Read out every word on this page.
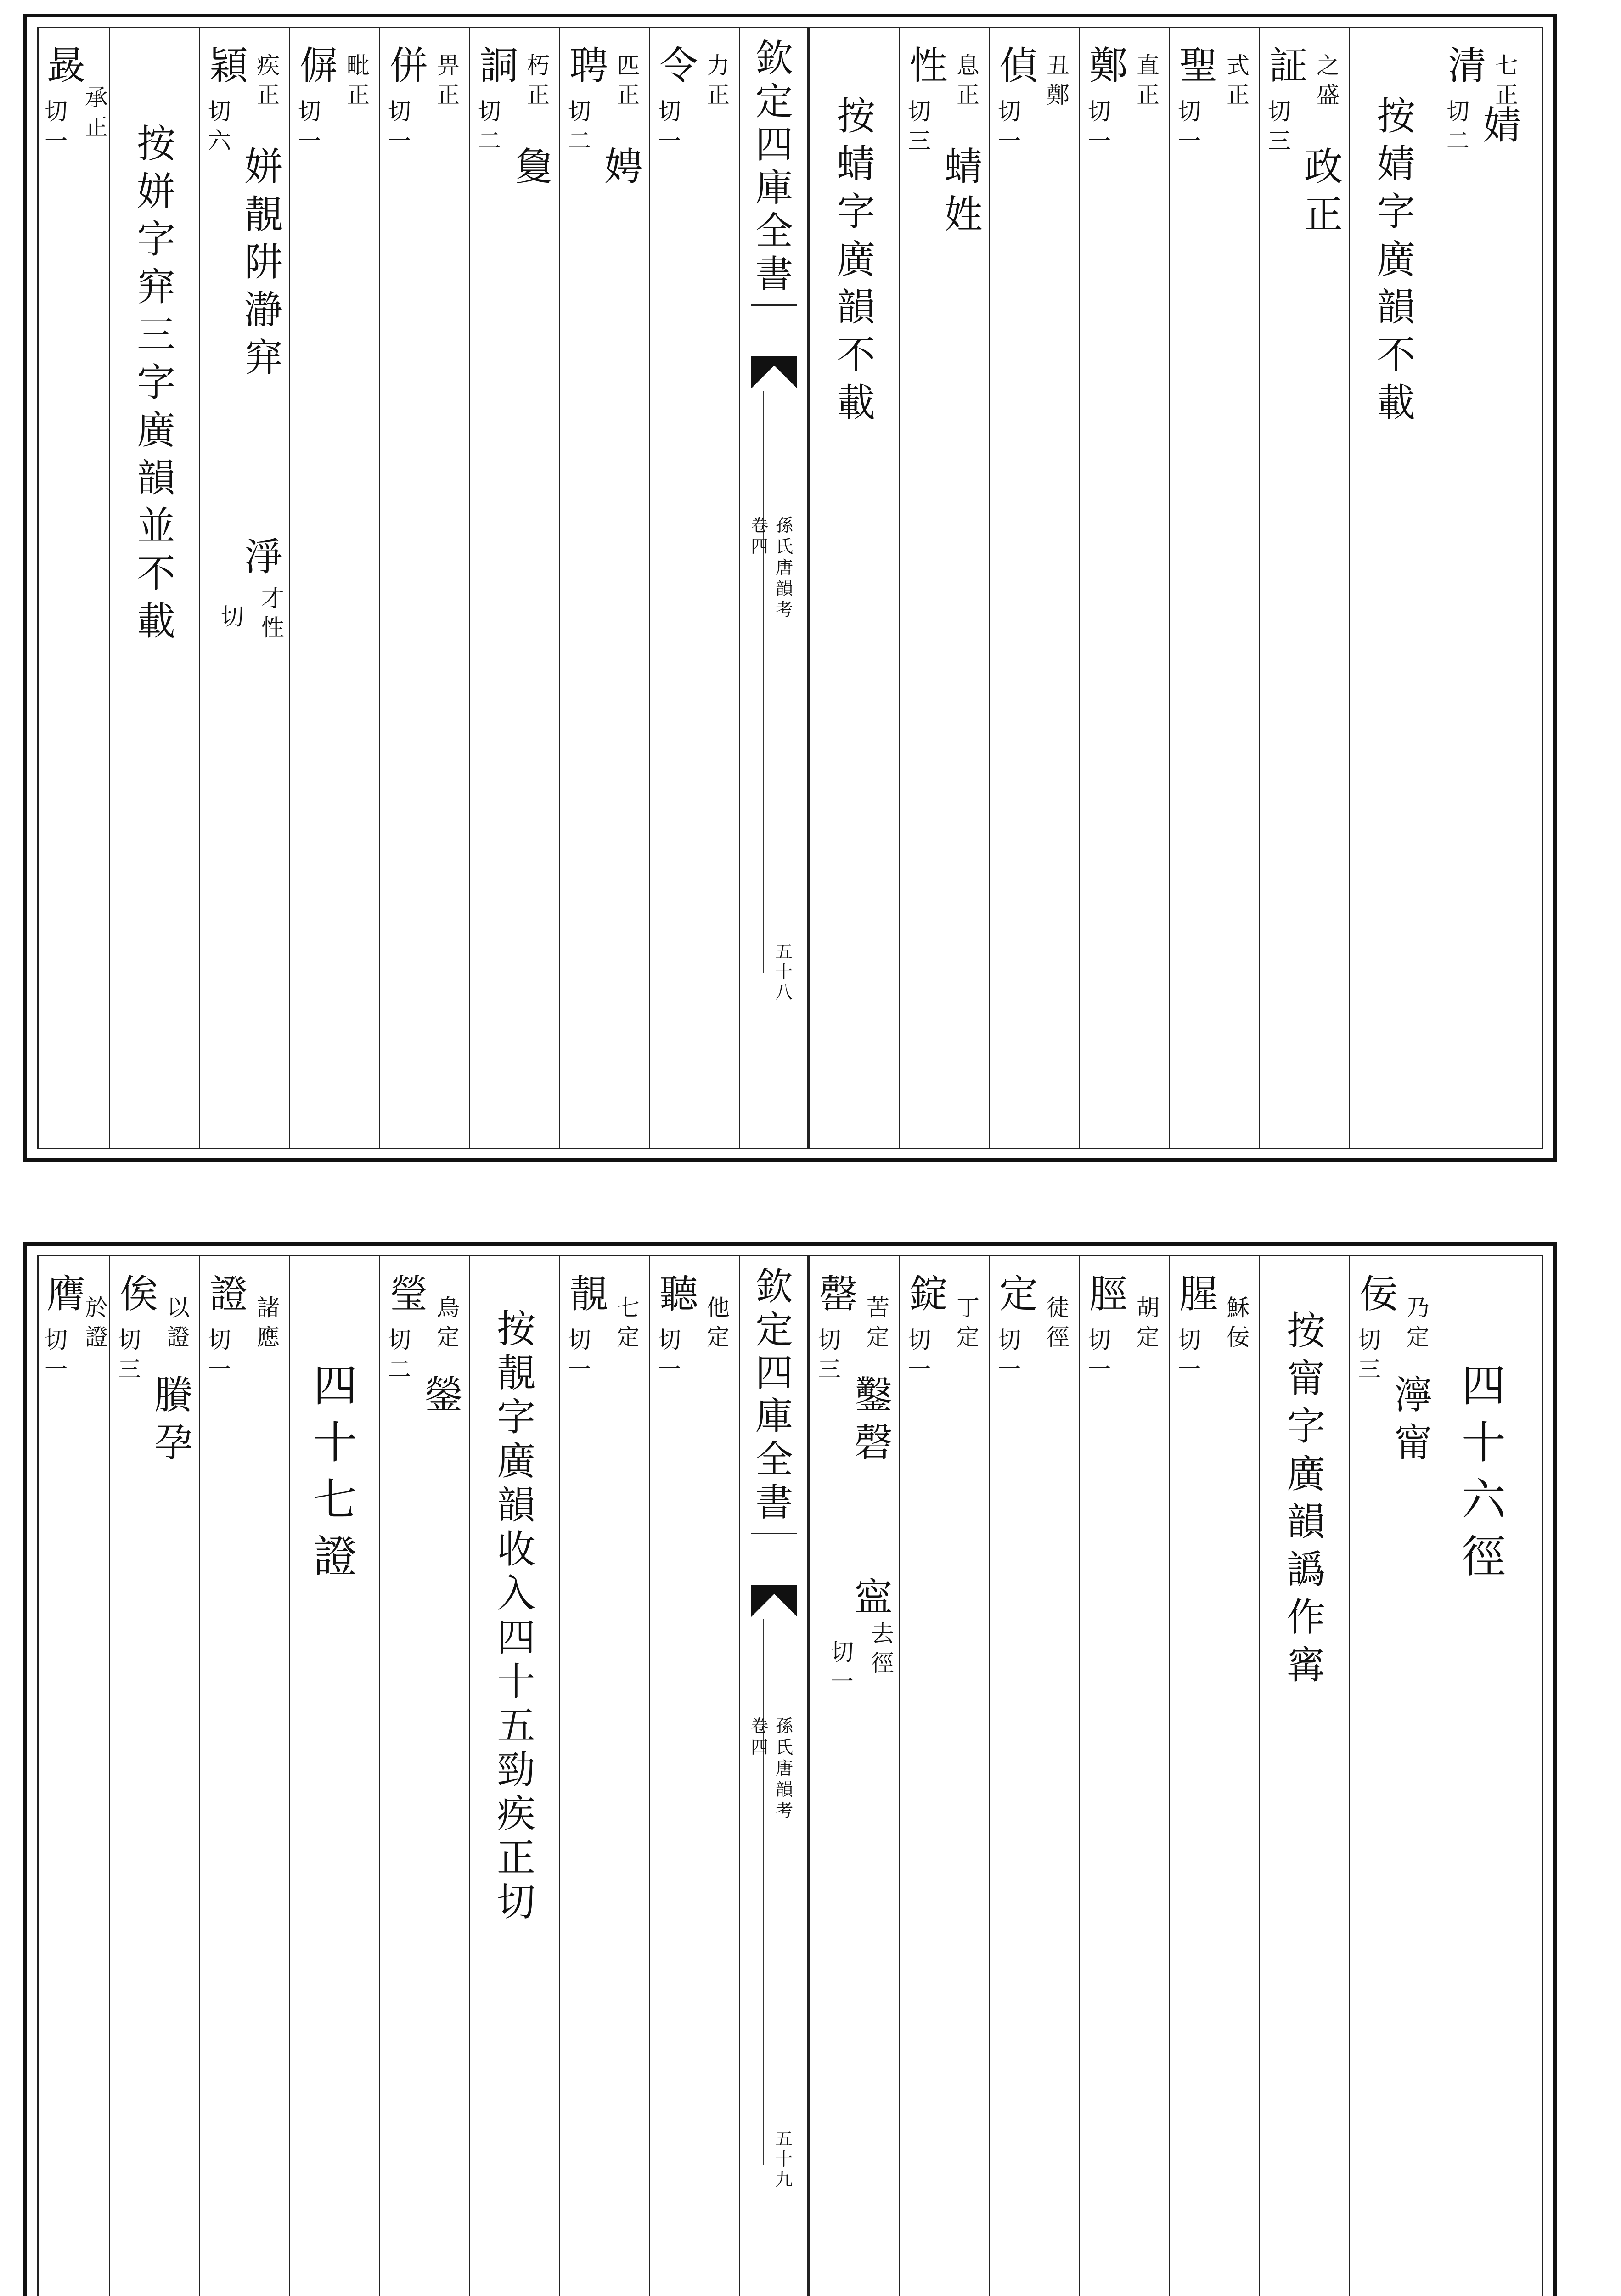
清 七正
切二 婧
按婧字廣韻不載
証 之盛
切三
政正
聖 式正
切一
鄭 直正
切一
偵 丑鄭
切一
性 息正
切三
蜻姓
按蜻字廣韻不載
欽定四庫全書
孫氏唐韻考
卷四
五十八
令 力正
切一
聘 匹正
切二
娉
詷 朽正
切二
敻
併 畀正
切一
偋 毗正
切一
穎 疾正
切六
姘靚阱瀞穽
淨
才性
切
按姘字穽三字廣韻並不載
晸
承正
切一
四十六徑
佞 乃定
切三
濘甯
按甯字廣韻譌作寗
腥 穌佞
切一
脛 胡定
切一
定 徒徑
切一
錠 丁定
切一
罄 苦定
切三
鑿磬
寍
去徑
切一
欽定四庫全書
孫氏唐韻考
卷四
五十九
聽 他定
切一
靚 七定
切一
按靚字廣韻收入四十五勁疾正切
瑩 烏定
切二
鎣
四十七證
證 諸應
切一
俟 以證
切三
賸孕
膺 於證
切一
